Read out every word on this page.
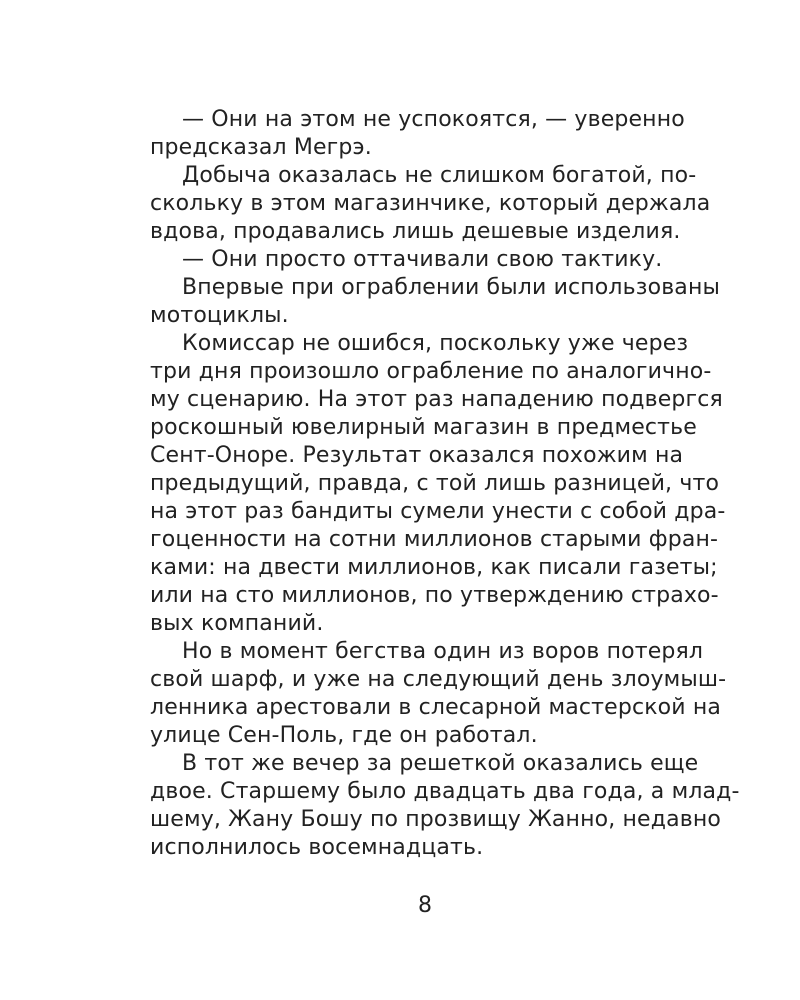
— Они на этом не успокоятся, — уверенно
предсказал Мегрэ.
Добыча оказалась не слишком богатой, по-
скольку в этом магазинчике, который держала
вдова, продавались лишь дешевые изделия.
— Они просто оттачивали свою тактику.
Впервые при ограблении были использованы
мотоциклы.
Комиссар не ошибся, поскольку уже через
три дня произошло ограбление по аналогично-
му сценарию. На этот раз нападению подвергся
роскошный ювелирный магазин в предместье
Сент-Оноре. Результат оказался похожим на
предыдущий, правда, с той лишь разницей, что
на этот раз бандиты сумели унести с собой дра-
гоценности на сотни миллионов старыми фран-
ками: на двести миллионов, как писали газеты;
или на сто миллионов, по утверждению страхо-
вых компаний.
Но в момент бегства один из воров потерял
свой шарф, и уже на следующий день злоумыш-
ленника арестовали в слесарной мастерской на
улице Сен-Поль, где он работал.
В тот же вечер за решеткой оказались еще
двое. Старшему было двадцать два года, а млад-
шему, Жану Бошу по прозвищу Жанно, недавно
исполнилось восемнадцать.
8
